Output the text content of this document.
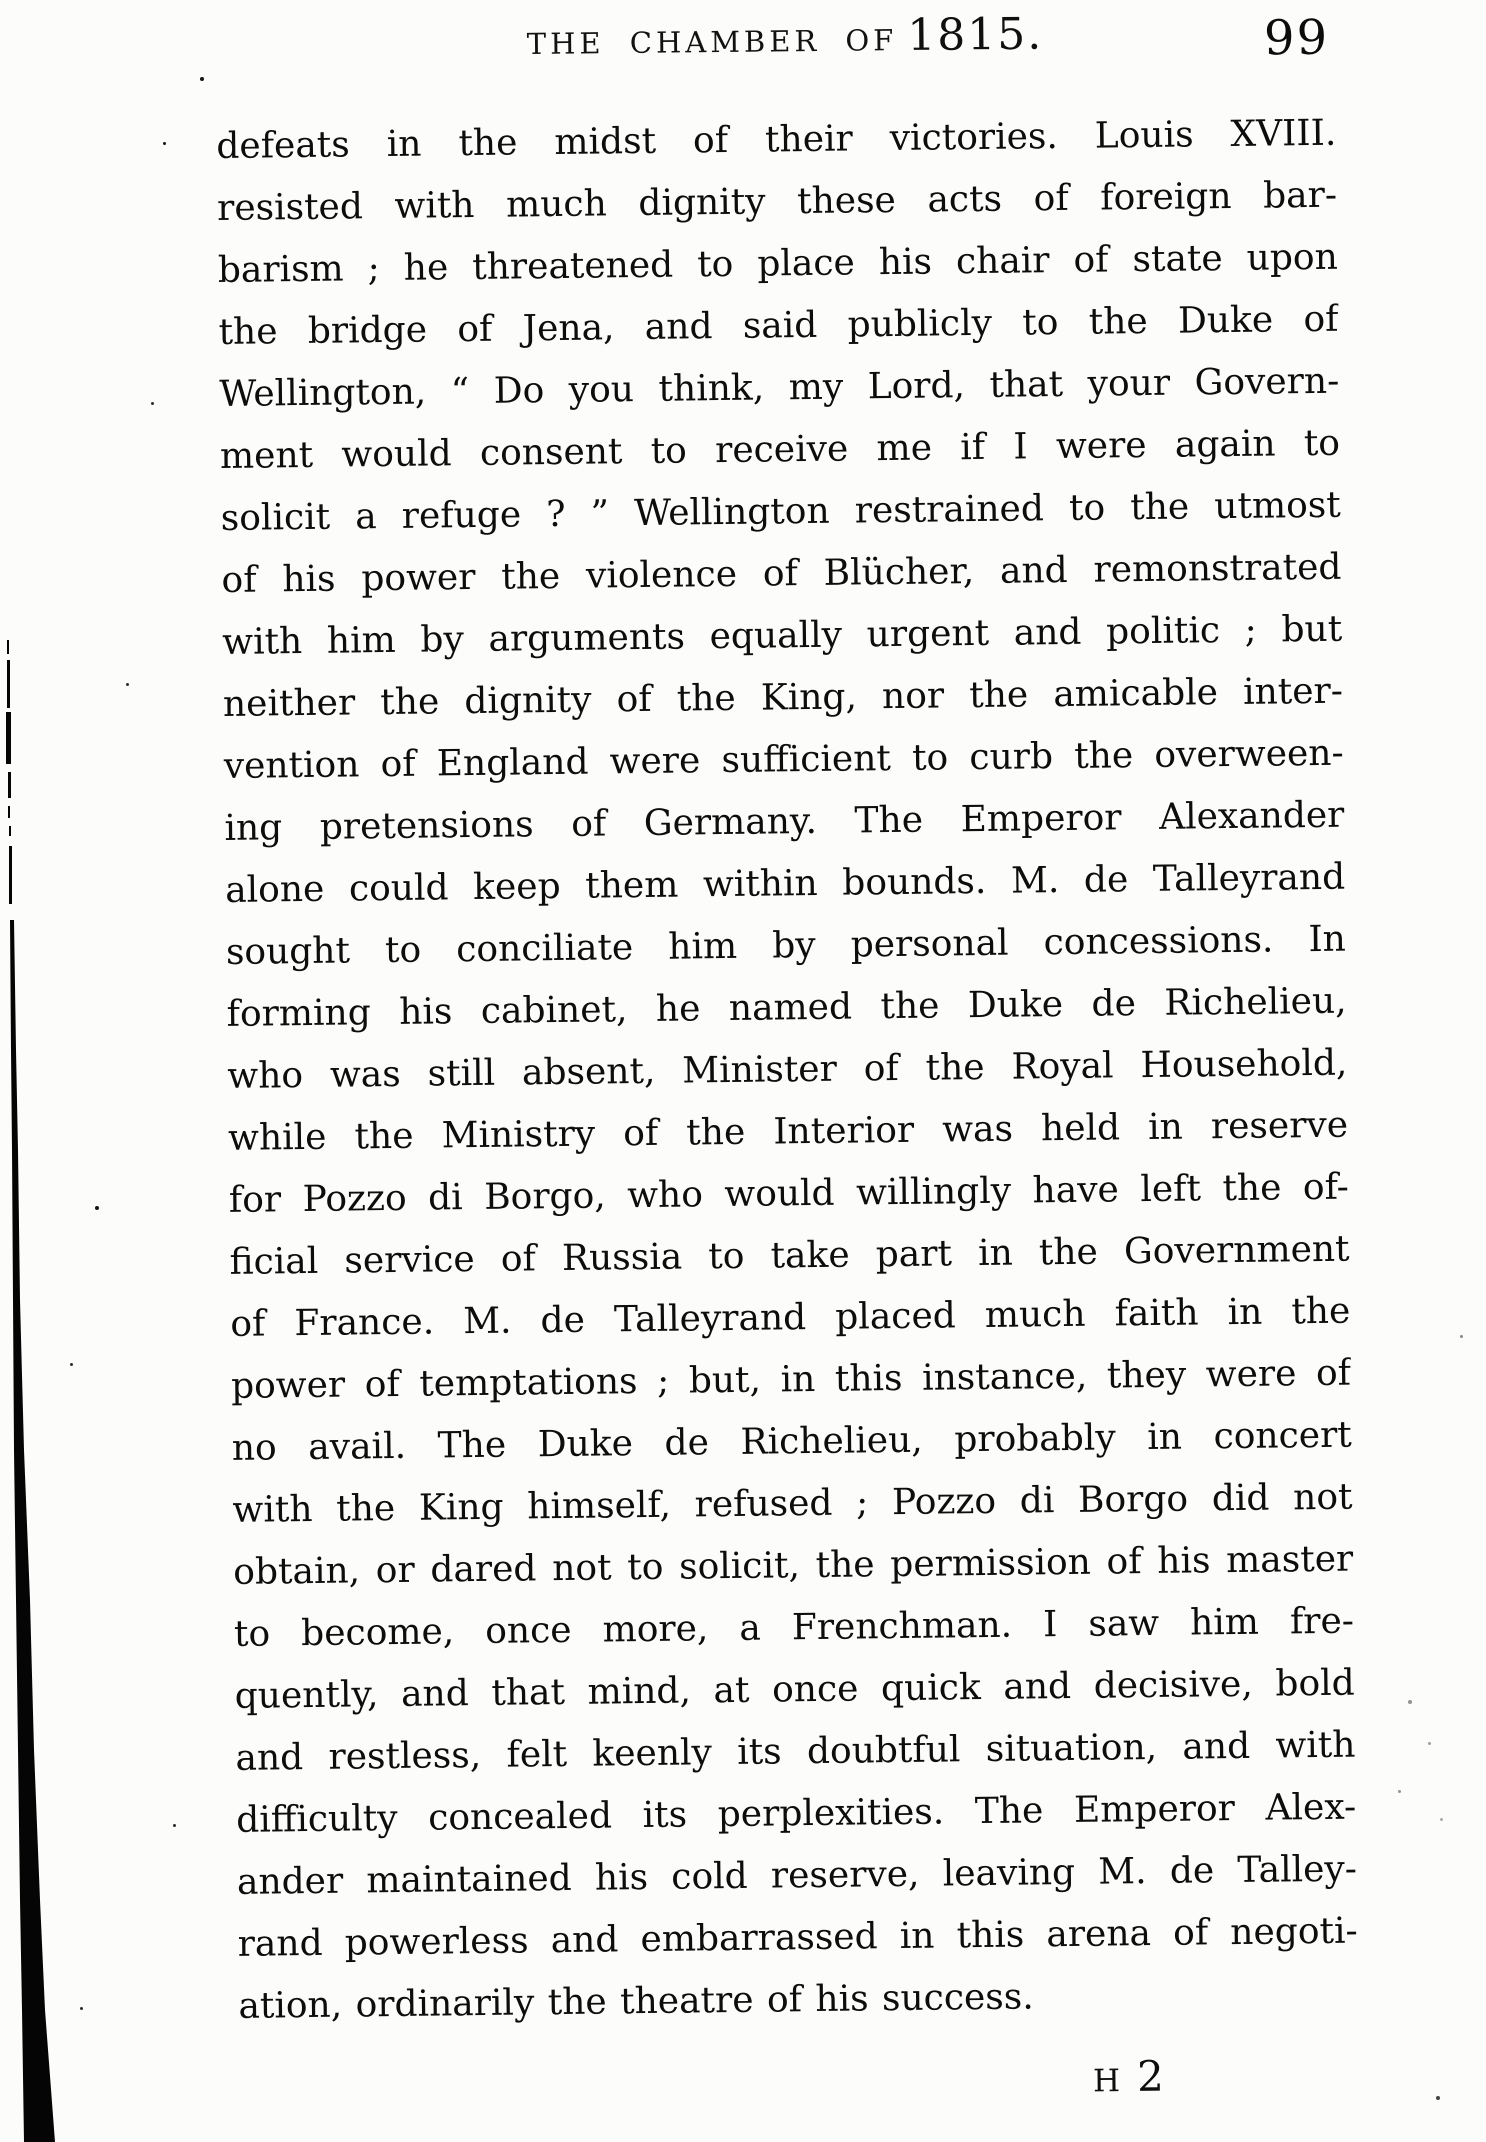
THE CHAMBER OF 1815.	99
defeats in the midst of their victories. Louis XVIII.
resisted with much dignity these acts of foreign bar-
barism ; he threatened to place his chair of state upon
the bridge of Jena, and said publicly to the Duke of
Wellington, “ Do you think, my Lord, that your Govern-
ment would consent to receive me if I were again to
solicit a refuge ? ” Wellington restrained to the utmost
of his power the violence of Blücher, and remonstrated
with him by arguments equally urgent and politic ; but
neither the dignity of the King, nor the amicable inter-
vention of England were sufficient to curb the overween-
ing pretensions of Germany. The Emperor Alexander
alone could keep them within bounds. M. de Talleyrand
sought to conciliate him by personal concessions. In
forming his cabinet, he named the Duke de Richelieu,
who was still absent, Minister of the Royal Household,
while the Ministry of the Interior was held in reserve
for Pozzo di Borgo, who would willingly have left the of-
ficial service of Russia to take part in the Government
of France. M. de Talleyrand placed much faith in the
power of temptations ; but, in this instance, they were of
no avail. The Duke de Richelieu, probably in concert
with the King himself, refused ; Pozzo di Borgo did not
obtain, or dared not to solicit, the permission of his master
to become, once more, a Frenchman. I saw him fre-
quently, and that mind, at once quick and decisive, bold
and restless, felt keenly its doubtful situation, and with
difficulty concealed its perplexities. The Emperor Alex-
ander maintained his cold reserve, leaving M. de Talley-
rand powerless and embarrassed in this arena of negoti-
ation, ordinarily the theatre of his success.
H 2
